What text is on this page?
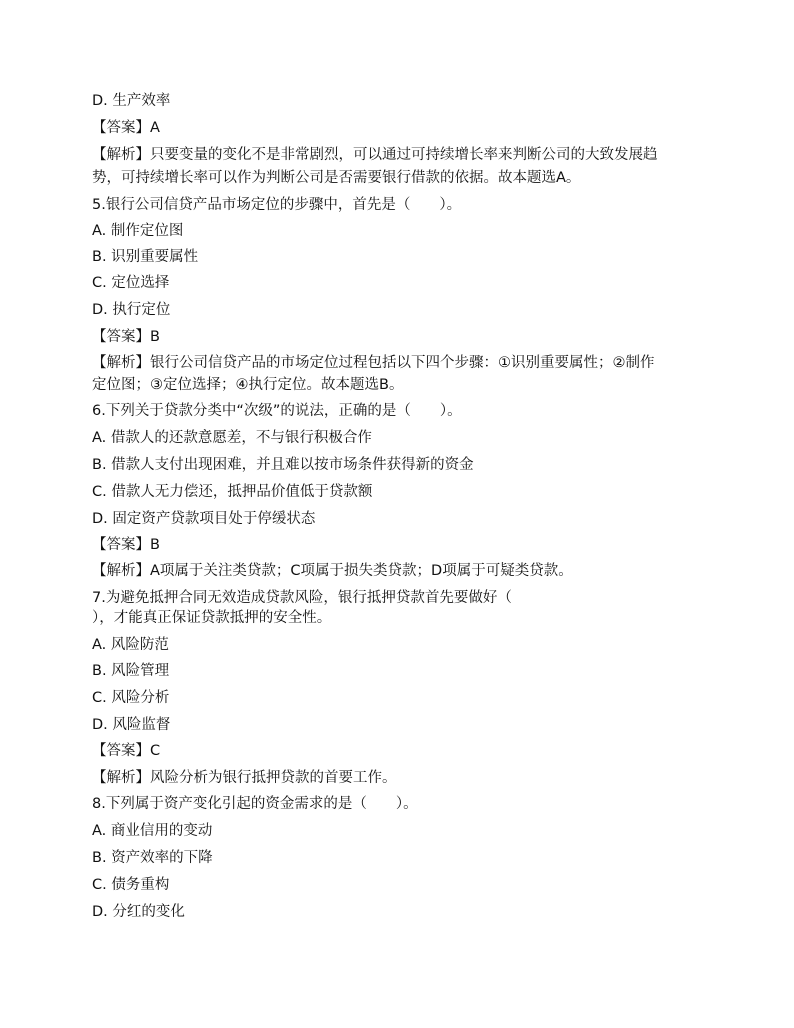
D. 生产效率
【答案】A
【解析】只要变量的变化不是非常剧烈，可以通过可持续增长率来判断公司的大致发展趋
势，可持续增长率可以作为判断公司是否需要银行借款的依据。故本题选A。
5.银行公司信贷产品市场定位的步骤中，首先是（　　）。
A. 制作定位图
B. 识别重要属性
C. 定位选择
D. 执行定位
【答案】B
【解析】银行公司信贷产品的市场定位过程包括以下四个步骤：①识别重要属性；②制作
定位图；③定位选择；④执行定位。故本题选B。
6.下列关于贷款分类中“次级”的说法，正确的是（　　）。
A. 借款人的还款意愿差，不与银行积极合作
B. 借款人支付出现困难，并且难以按市场条件获得新的资金
C. 借款人无力偿还，抵押品价值低于贷款额
D. 固定资产贷款项目处于停缓状态
【答案】B
【解析】A项属于关注类贷款；C项属于损失类贷款；D项属于可疑类贷款。
7.为避免抵押合同无效造成贷款风险，银行抵押贷款首先要做好（
），才能真正保证贷款抵押的安全性。
A. 风险防范
B. 风险管理
C. 风险分析
D. 风险监督
【答案】C
【解析】风险分析为银行抵押贷款的首要工作。
8.下列属于资产变化引起的资金需求的是（　　）。
A. 商业信用的变动
B. 资产效率的下降
C. 债务重构
D. 分红的变化
